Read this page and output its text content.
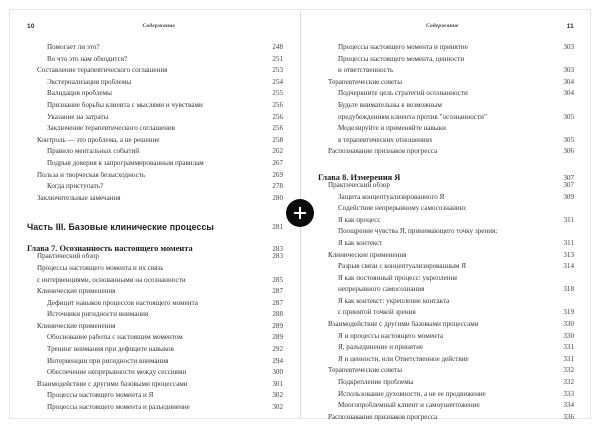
10	Содержание	Содержание	11
Помогает ли это?	248
Во что это нам обходится?	251
Составление терапевтического соглашения	253
Экстернализация проблемы	254
Валидация проблемы	255
Признание борьбы клиента с мыслями и чувствами	256
Указание на затраты	256
Заключение терапевтического соглашения	256
Контроль — это проблема, а не решение	258
Правило ментальных событий	262
Подрыв доверия к запрограммированным правилам	267
Польза и творческая безысходность	269
Когда приступать?	278
Заключительные замечания	280
Часть III. Базовые клинические процессы	281
Глава 7. Осознанность настоящего момента	283
Практический обзор	283
Процессы настоящего момента и их связь
с интервенциями, основанными на осознанности	285
Клинические применения	287
Дефицит навыков процессов настоящего момента	287
Источники ригидности внимания	288
Клинические применения	289
Обоснование работы с настоящим моментом	289
Тренинг внимания при дефиците навыков	292
Интервенции при ригидности внимания	294
Обеспечение непрерывности между сессиями	300
Взаимодействие с другими базовыми процессами	301
Процессы настоящего момента и Я	302
Процессы настоящего момента и разъединение	302
Процессы настоящего момента и принятие	303
Процессы настоящего момента, ценности
и ответственность	303
Терапевтические советы	304
Подчеркните цель стратегий осознанности	304
Будьте внимательны к возможным
предубеждениям клиента против "осознанности"	305
Моделируйте и применяйте навыки
в терапевтических отношениях	305
Распознавание признаков прогресса	306
Глава 8. Измерения Я	307
Практический обзор	307
Защита концептуализированного Я	309
Содействие непрерывному самосознанию:
Я как процесс	311
Поощрение чувства Я, принимающего точку зрения:
Я как контекст	311
Клинические применения	313
Разрыв связи с концептуализированным Я	314
Я как постоянный процесс: укрепление
непрерывного самосознания	318
Я как контекст: укрепление контакта
с принятой точкой зрения	319
Взаимодействие с другими базовыми процессами	330
Я и процессы настоящего момента	330
Я, разъединение и принятие	331
Я и ценности, или Ответственное действие	331
Терапевтические советы	332
Подкрепление проблемы	332
Использование духовности, а не ее продвижение	333
Многопроблемный клиент и самоуничтожение	334
Распознавание признаков прогресса	336
